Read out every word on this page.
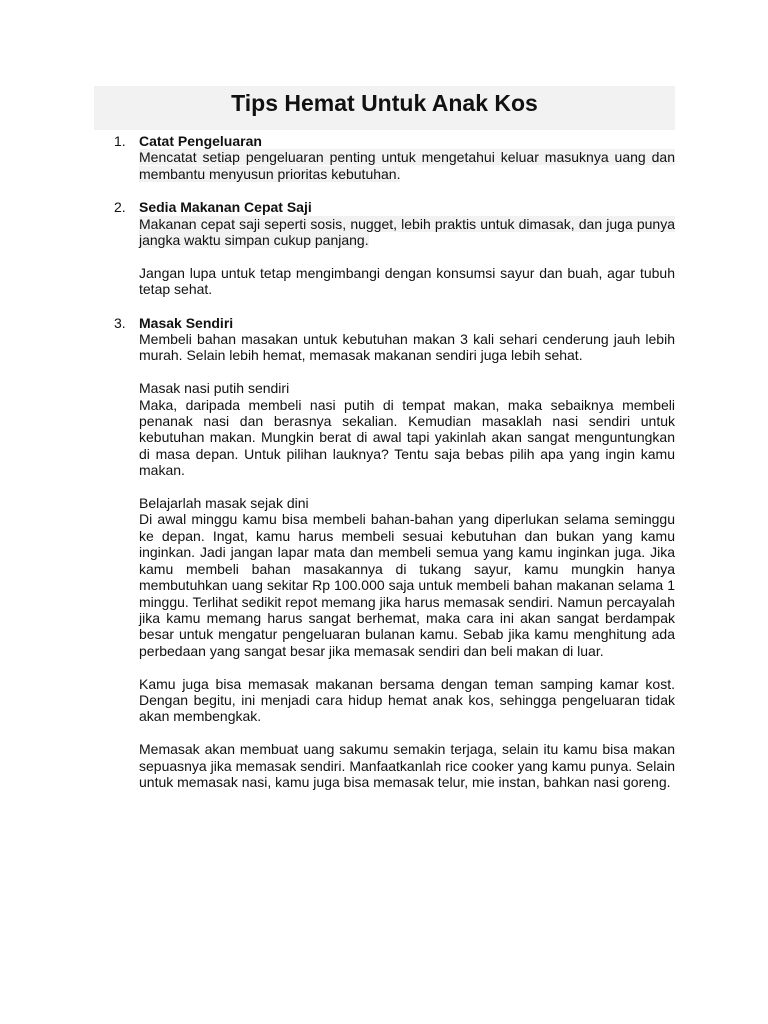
Tips Hemat Untuk Anak Kos
1. Catat Pengeluaran

Mencatat setiap pengeluaran penting untuk mengetahui keluar masuknya uang dan membantu menyusun prioritas kebutuhan.

2. Sedia Makanan Cepat Saji

Makanan cepat saji seperti sosis, nugget, lebih praktis untuk dimasak, dan juga punya jangka waktu simpan cukup panjang.

Jangan lupa untuk tetap mengimbangi dengan konsumsi sayur dan buah, agar tubuh tetap sehat.

3. Masak Sendiri

Membeli bahan masakan untuk kebutuhan makan 3 kali sehari cenderung jauh lebih murah. Selain lebih hemat, memasak makanan sendiri juga lebih sehat.

Masak nasi putih sendiri

Maka, daripada membeli nasi putih di tempat makan, maka sebaiknya membeli penanak nasi dan berasnya sekalian. Kemudian masaklah nasi sendiri untuk kebutuhan makan. Mungkin berat di awal tapi yakinlah akan sangat menguntungkan di masa depan. Untuk pilihan lauknya? Tentu saja bebas pilih apa yang ingin kamu makan.

Belajarlah masak sejak dini

Di awal minggu kamu bisa membeli bahan-bahan yang diperlukan selama seminggu ke depan. Ingat, kamu harus membeli sesuai kebutuhan dan bukan yang kamu inginkan. Jadi jangan lapar mata dan membeli semua yang kamu inginkan juga. Jika kamu membeli bahan masakannya di tukang sayur, kamu mungkin hanya membutuhkan uang sekitar Rp 100.000 saja untuk membeli bahan makanan selama 1 minggu. Terlihat sedikit repot memang jika harus memasak sendiri. Namun percayalah jika kamu memang harus sangat berhemat, maka cara ini akan sangat berdampak besar untuk mengatur pengeluaran bulanan kamu. Sebab jika kamu menghitung ada perbedaan yang sangat besar jika memasak sendiri dan beli makan di luar.

Kamu juga bisa memasak makanan bersama dengan teman samping kamar kost. Dengan begitu, ini menjadi cara hidup hemat anak kos, sehingga pengeluaran tidak akan membengkak.

Memasak akan membuat uang sakumu semakin terjaga, selain itu kamu bisa makan sepuasnya jika memasak sendiri. Manfaatkanlah rice cooker yang kamu punya. Selain untuk memasak nasi, kamu juga bisa memasak telur, mie instan, bahkan nasi goreng.
